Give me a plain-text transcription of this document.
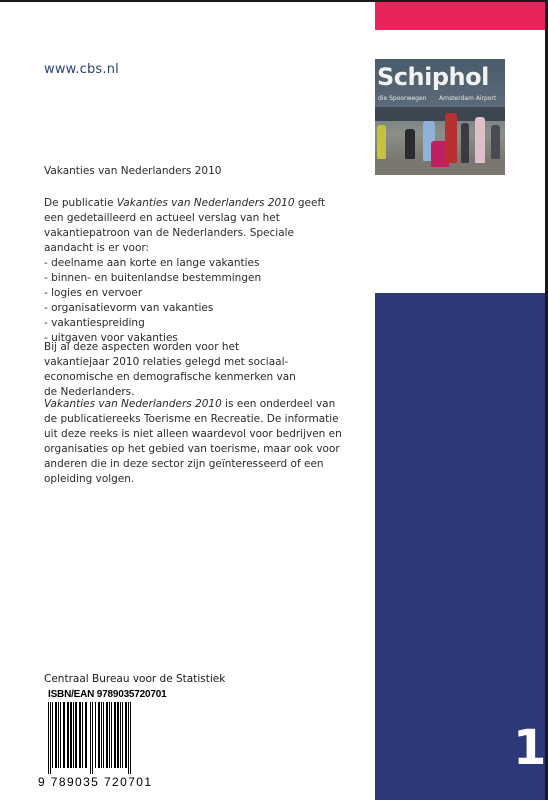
www.cbs.nl	Schiphol
die Spoorwegen Amsterdam Airport
Vakanties van Nederlanders 2010
De publicatie Vakanties van Nederlanders 2010 geeft een gedetailleerd en actueel verslag van het vakantiepatroon van de Nederlanders. Speciale aandacht is er voor:
- deelname aan korte en lange vakanties
- binnen- en buitenlandse bestemmingen
- logies en vervoer
- organisatievorm van vakanties
- vakantiespreiding
- uitgaven voor vakanties
Bij al deze aspecten worden voor het vakantiejaar 2010 relaties gelegd met sociaal-economische en demografische kenmerken van de Nederlanders.
Vakanties van Nederlanders 2010 is een onderdeel van de publicatiereeks Toerisme en Recreatie. De informatie uit deze reeks is niet alleen waardevol voor bedrijven en organisaties op het gebied van toerisme, maar ook voor anderen die in deze sector zijn geïnteresseerd of een opleiding volgen.
1
Centraal Bureau voor de Statistiek
ISBN/EAN 9789035720701
9 789035 720701
